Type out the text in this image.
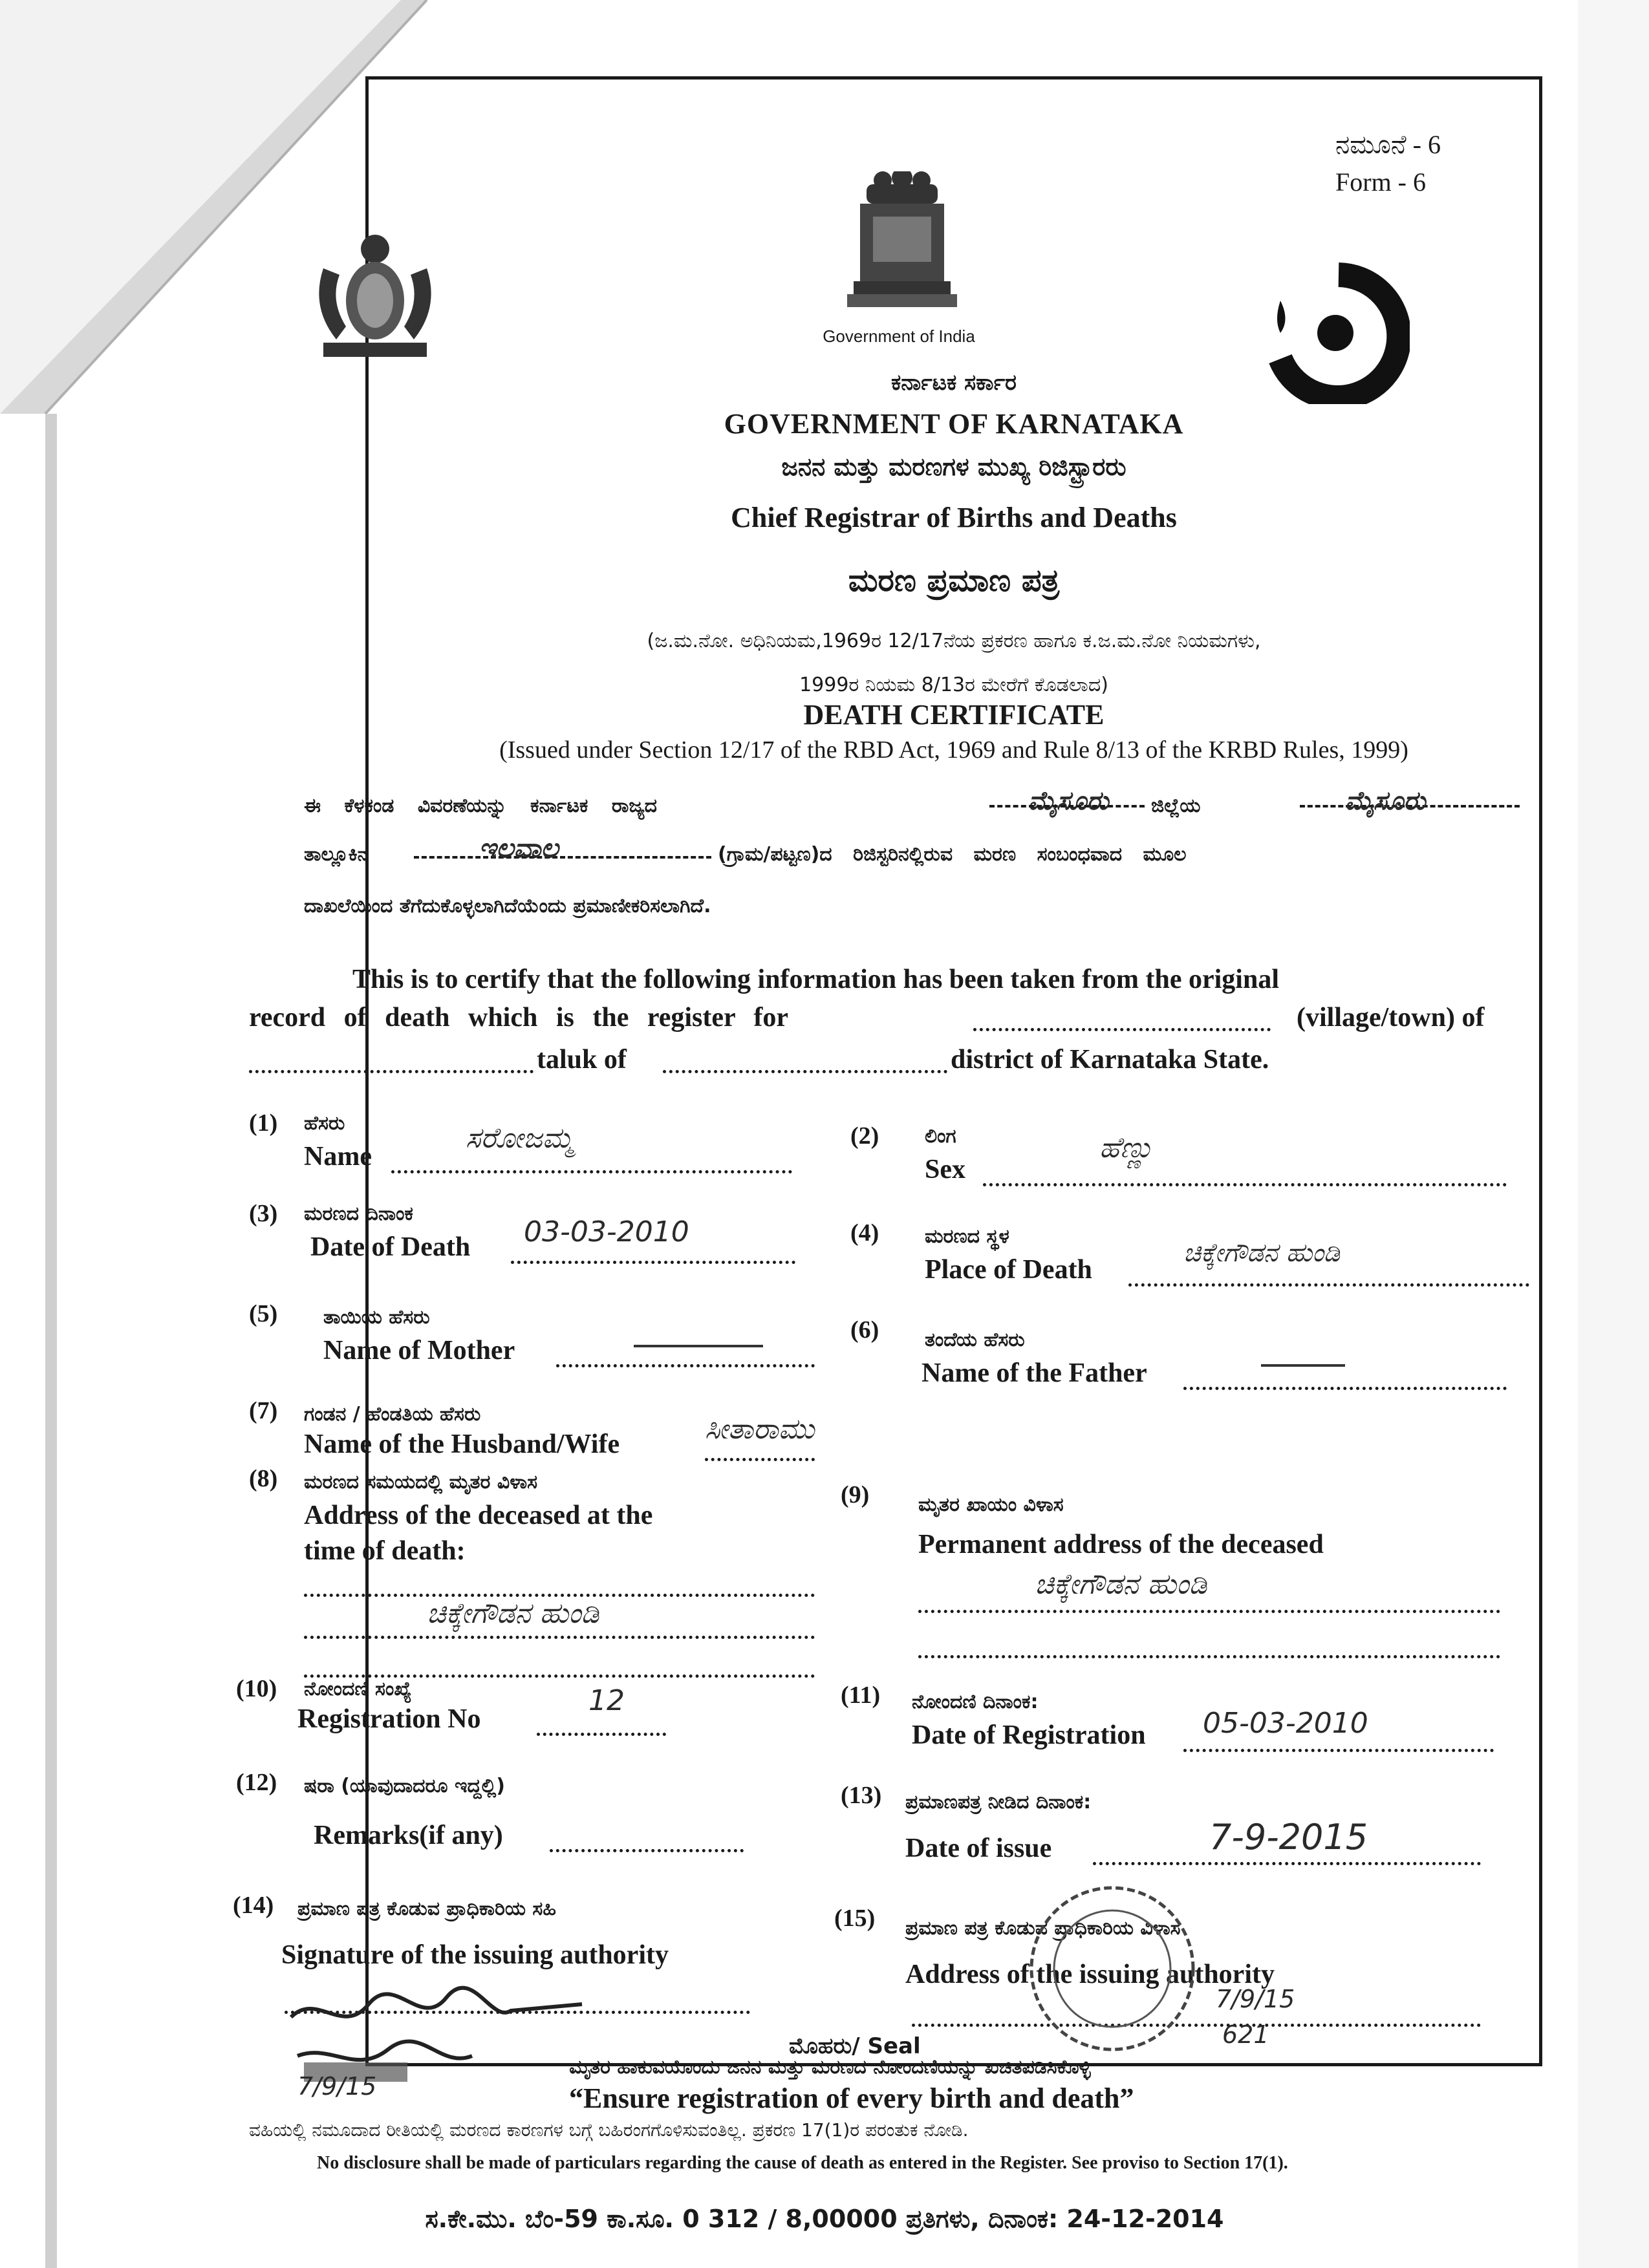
ನಮೂನೆ - 6
Form - 6
Government of India
ಕರ್ನಾಟಕ ಸರ್ಕಾರ
GOVERNMENT OF KARNATAKA
ಜನನ ಮತ್ತು ಮರಣಗಳ ಮುಖ್ಯ ರಿಜಿಸ್ಟ್ರಾರರು
Chief Registrar of Births and Deaths
ಮರಣ ಪ್ರಮಾಣ ಪತ್ರ
(ಜ.ಮ.ನೋ. ಅಧಿನಿಯಮ,1969ರ 12/17ನೆಯ ಪ್ರಕರಣ ಹಾಗೂ ಕ.ಜ.ಮ.ನೋ ನಿಯಮಗಳು,
1999ರ ನಿಯಮ 8/13ರ ಮೇರೆಗೆ ಕೊಡಲಾದ)
DEATH CERTIFICATE
(Issued under Section 12/17 of the RBD Act, 1969 and Rule 8/13 of the KRBD Rules, 1999)
ಈ ಕೆಳಕಂಡ ವಿವರಣೆಯನ್ನು ಕರ್ನಾಟಕ ರಾಜ್ಯದ	ಮೈಸೂರು ಜಿಲ್ಲೆಯ	ಮೈಸೂರು
ತಾಲ್ಲೂಕಿನ	ಇಲವಾಲ	(ಗ್ರಾಮ/ಪಟ್ಟಣ)ದ ರಿಜಿಸ್ಟರಿನಲ್ಲಿರುವ ಮರಣ ಸಂಬಂಧವಾದ ಮೂಲ
ದಾಖಲೆಯಿಂದ ತೆಗೆದುಕೊಳ್ಳಲಾಗಿದೆಯೆಂದು ಪ್ರಮಾಣೀಕರಿಸಲಾಗಿದೆ.
This is to certify that the following information has been taken from the original
record of death which is the register for	(village/town) of
taluk of	district of Karnataka State.
(1) ಹೆಸರು
Name
ಸರೋಜಮ್ಮ
(3) ಮರಣದ ದಿನಾಂಕ
Date of Death 03-03-2010
(5) ತಾಯಿಯ ಹೆಸರು
Name of Mother
(7) ಗಂಡನ / ಹೆಂಡತಿಯ ಹೆಸರು
Name of the Husband/Wife	ಸೀತಾರಾಮು
(8) ಮರಣದ ಸಮಯದಲ್ಲಿ ಮೃತರ ವಿಳಾಸ
Address of the deceased at the
time of death:
ಚಿಕ್ಕೇಗೌಡನ ಹುಂಡಿ
(10) ನೋಂದಣಿ ಸಂಖ್ಯೆ
Registration No
12
(12) ಷರಾ (ಯಾವುದಾದರೂ ಇದ್ದಲ್ಲಿ)
Remarks(if any)
(14) ಪ್ರಮಾಣ ಪತ್ರ ಕೊಡುವ ಪ್ರಾಧಿಕಾರಿಯ ಸಹಿ
Signature of the issuing authority
7/9/15
(2) ಲಿಂಗ
Sex
ಹೆಣ್ಣು
(4) ಮರಣದ ಸ್ಥಳ
Place of Death
ಚಿಕ್ಕೇಗೌಡನ ಹುಂಡಿ
(6) ತಂದೆಯ ಹೆಸರು
Name of the Father
(9)	ಮೃತರ ಖಾಯಂ ವಿಳಾಸ
Permanent address of the deceased
ಚಿಕ್ಕೇಗೌಡನ ಹುಂಡಿ
(11) ನೋಂದಣಿ ದಿನಾಂಕ:
Date of Registration 05-03-2010
(13) ಪ್ರಮಾಣಪತ್ರ ನೀಡಿದ ದಿನಾಂಕ:
Date of issue	7-9-2015
(15) ಪ್ರಮಾಣ ಪತ್ರ ಕೊಡುವ ಪ್ರಾಧಿಕಾರಿಯ ವಿಳಾಸ
Address of the issuing authority
7/9/15
621
ಮೊಹರು/ Seal
ಮೃತರ ಹಾಕುವಯೊಂದು ಜನನ ಮತ್ತು ಮರಣದ ನೋಂದಣಿಯನ್ನು ಖಚಿತಪಡಿಸಿಕೊಳ್ಳಿ
“Ensure registration of every birth and death”
ವಹಿಯಲ್ಲಿ ನಮೂದಾದ ರೀತಿಯಲ್ಲಿ ಮರಣದ ಕಾರಣಗಳ ಬಗ್ಗೆ ಬಹಿರಂಗಗೊಳಿಸುವಂತಿಲ್ಲ. ಪ್ರಕರಣ 17(1)ರ ಪರಂತುಕ ನೋಡಿ.
No disclosure shall be made of particulars regarding the cause of death as entered in the Register. See proviso to Section 17(1).
ಸ.ಕೇ.ಮು. ಬೆಂ-59 ಕಾ.ಸೂ. 0 312 / 8,00000 ಪ್ರತಿಗಳು, ದಿನಾಂಕ: 24-12-2014
